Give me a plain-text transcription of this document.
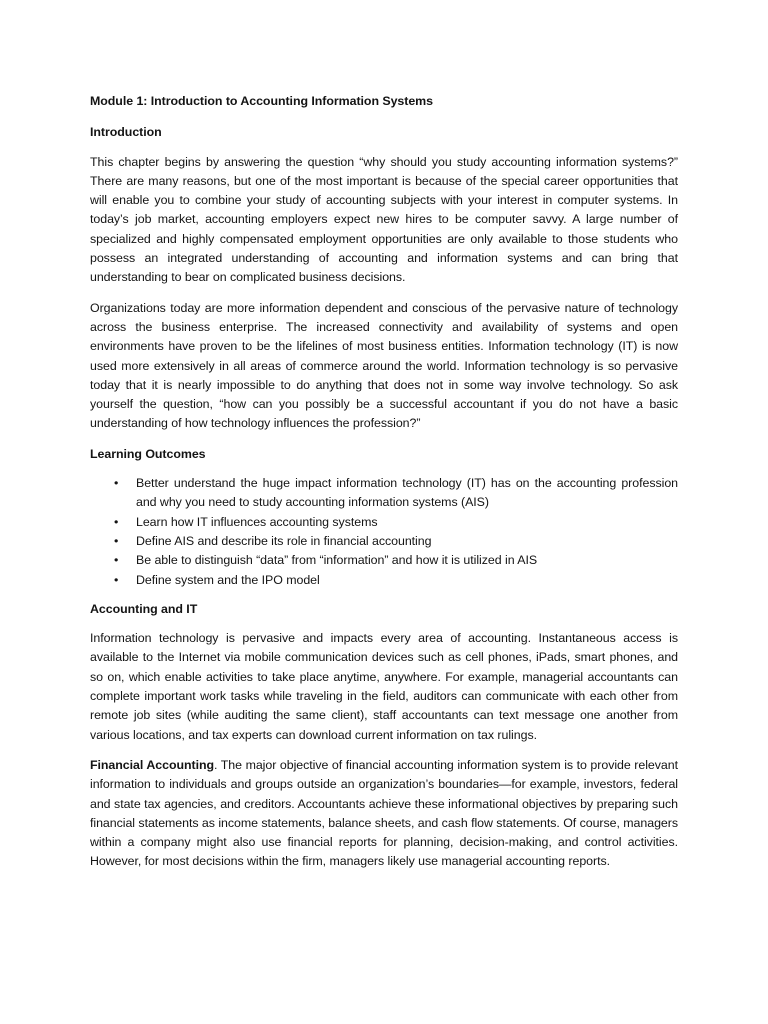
Module 1: Introduction to Accounting Information Systems
Introduction

This chapter begins by answering the question “why should you study accounting information systems?” There are many reasons, but one of the most important is because of the special career opportunities that will enable you to combine your study of accounting subjects with your interest in computer systems. In today’s job market, accounting employers expect new hires to be computer savvy. A large number of specialized and highly compensated employment opportunities are only available to those students who possess an integrated understanding of accounting and information systems and can bring that understanding to bear on complicated business decisions.

Organizations today are more information dependent and conscious of the pervasive nature of technology across the business enterprise. The increased connectivity and availability of systems and open environments have proven to be the lifelines of most business entities. Information technology (IT) is now used more extensively in all areas of commerce around the world. Information technology is so pervasive today that it is nearly impossible to do anything that does not in some way involve technology. So ask yourself the question, “how can you possibly be a successful accountant if you do not have a basic understanding of how technology influences the profession?”

Learning Outcomes
• Better understand the huge impact information technology (IT) has on the accounting profession and why you need to study accounting information systems (AIS)
• Learn how IT influences accounting systems
• Define AIS and describe its role in financial accounting
• Be able to distinguish “data” from “information” and how it is utilized in AIS
• Define system and the IPO model
Accounting and IT

Information technology is pervasive and impacts every area of accounting. Instantaneous access is available to the Internet via mobile communication devices such as cell phones, iPads, smart phones, and so on, which enable activities to take place anytime, anywhere. For example, managerial accountants can complete important work tasks while traveling in the field, auditors can communicate with each other from remote job sites (while auditing the same client), staff accountants can text message one another from various locations, and tax experts can download current information on tax rulings.

Financial Accounting. The major objective of financial accounting information system is to provide relevant information to individuals and groups outside an organization’s boundaries—for example, investors, federal and state tax agencies, and creditors. Accountants achieve these informational objectives by preparing such financial statements as income statements, balance sheets, and cash flow statements. Of course, managers within a company might also use financial reports for planning, decision-making, and control activities. However, for most decisions within the firm, managers likely use managerial accounting reports.
